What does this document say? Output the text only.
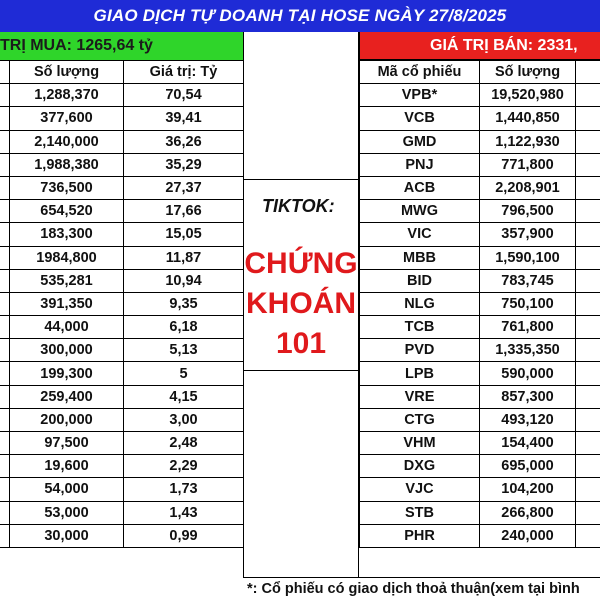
GIAO DỊCH TỰ DOANH TẠI HOSE NGÀY 27/8/2025
TRỊ MUA: 1265,64 tỷ	GIÁ TRỊ BÁN: 2331,
	Số lượng	Giá trị: Tỷ
	1,288,370	70,54
	377,600	39,41
	2,140,000	36,26
	1,988,380	35,29
	736,500	27,37
	654,520	17,66
	183,300	15,05
	1984,800	11,87
	535,281	10,94
	391,350	9,35
	44,000	6,18
	300,000	5,13
	199,300	5
	259,400	4,15
	200,000	3,00
	97,500	2,48
	19,600	2,29
	54,000	1,73
	53,000	1,43
	30,000	0,99
Mã cổ phiếu	Số lượng	
VPB*	19,520,980	
VCB	1,440,850	
GMD	1,122,930	
PNJ	771,800	
ACB	2,208,901	
MWG	796,500	
VIC	357,900	
MBB	1,590,100	
BID	783,745	
NLG	750,100	
TCB	761,800	
PVD	1,335,350	
LPB	590,000	
VRE	857,300	
CTG	493,120	
VHM	154,400	
DXG	695,000	
VJC	104,200	
STB	266,800	
PHR	240,000	
TIKTOK:
CHỨNG
KHOÁN
101
*: Cổ phiếu có giao dịch thoả thuận(xem tại bình
